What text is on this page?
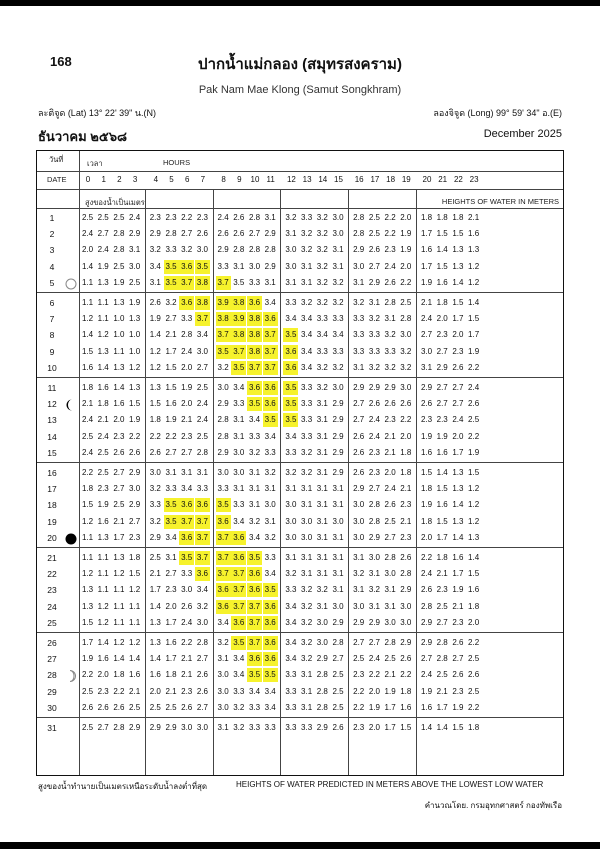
168	ปากน้ำแม่กลอง (สมุทรสงคราม)
Pak Nam Mae Klong (Samut Songkhram)
ละติจูด (Lat) 13° 22' 39" น.(N)	ลองจิจูด (Long) 99° 59' 34" อ.(E)
ธันวาคม ๒๕๖๘	December 2025
วันที่
DATE
เวลา	HOURS
สูงของน้ำเป็นเมตร	HEIGHTS OF WATER IN METERS
0	1	2	3	4	5	6	7	8	9	10 11	12 13 14 15	16 17 18 19	20 21 22 23
1	2.5 2.5 2.5 2.4 2.3 2.3 2.2 2.3 2.4 2.6 2.8 3.1 3.2 3.3 3.2 3.0 2.8 2.5 2.2 2.0 1.8 1.8 1.8 2.1
2	2.4 2.7 2.8 2.9 2.9 2.8 2.7 2.6 2.6 2.6 2.7 2.9 3.1 3.2 3.2 3.0 2.8 2.5 2.2 1.9 1.7 1.5 1.5 1.6
3	2.0 2.4 2.8 3.1 3.2 3.3 3.2 3.0 2.9 2.8 2.8 2.8 3.0 3.2 3.2 3.1 2.9 2.6 2.3 1.9 1.6 1.4 1.3 1.3
4	1.4 1.9 2.5 3.0 3.4 3.5 3.6 3.5 3.3 3.1 3.0 2.9 3.0 3.1 3.2 3.1 3.0 2.7 2.4 2.0 1.7 1.5 1.3 1.2
5	1.1 1.3 1.9 2.5 3.1 3.5 3.7 3.8 3.7 3.5 3.3 3.1 3.1 3.1 3.2 3.2 3.1 2.9 2.6 2.2 1.9 1.6 1.4 1.2
6	1.1 1.1 1.3 1.9 2.6 3.2 3.6 3.8 3.9 3.8 3.6 3.4 3.3 3.2 3.2 3.2 3.2 3.1 2.8 2.5 2.1 1.8 1.5 1.4
7	1.2 1.1 1.0 1.3 1.9 2.7 3.3 3.7 3.8 3.9 3.8 3.6 3.4 3.4 3.3 3.3 3.3 3.2 3.1 2.8 2.4 2.0 1.7 1.5
8	1.4 1.2 1.0 1.0 1.4 2.1 2.8 3.4 3.7 3.8 3.8 3.7 3.5 3.4 3.4 3.4 3.3 3.3 3.2 3.0 2.7 2.3 2.0 1.7
9	1.5 1.3 1.1 1.0 1.2 1.7 2.4 3.0 3.5 3.7 3.8 3.7 3.6 3.4 3.3 3.3 3.3 3.3 3.3 3.2 3.0 2.7 2.3 1.9
10	1.6 1.4 1.3 1.2 1.2 1.5 2.0 2.7 3.2 3.5 3.7 3.7 3.6 3.4 3.2 3.2 3.1 3.2 3.2 3.2 3.1 2.9 2.6 2.2
11	1.8 1.6 1.4 1.3 1.3 1.5 1.9 2.5 3.0 3.4 3.6 3.6 3.5 3.3 3.2 3.0 2.9 2.9 2.9 3.0 2.9 2.7 2.7 2.4
12	2.1 1.8 1.6 1.5 1.5 1.6 2.0 2.4 2.9 3.3 3.5 3.6 3.5 3.3 3.1 2.9 2.7 2.6 2.6 2.6 2.6 2.7 2.7 2.6
13	2.4 2.1 2.0 1.9 1.8 1.9 2.1 2.4 2.8 3.1 3.4 3.5 3.5 3.3 3.1 2.9 2.7 2.4 2.3 2.2 2.3 2.3 2.4 2.5
14	2.5 2.4 2.3 2.2 2.2 2.2 2.3 2.5 2.8 3.1 3.3 3.4 3.4 3.3 3.1 2.9 2.6 2.4 2.1 2.0 1.9 1.9 2.0 2.2
15	2.4 2.5 2.6 2.6 2.6 2.7 2.7 2.8 2.9 3.0 3.2 3.3 3.3 3.2 3.1 2.9 2.6 2.3 2.1 1.8 1.6 1.6 1.7 1.9
16	2.2 2.5 2.7 2.9 3.0 3.1 3.1 3.1 3.0 3.0 3.1 3.2 3.2 3.2 3.1 2.9 2.6 2.3 2.0 1.8 1.5 1.4 1.3 1.5
17	1.8 2.3 2.7 3.0 3.2 3.3 3.4 3.3 3.3 3.1 3.1 3.1 3.1 3.1 3.1 3.1 2.9 2.7 2.4 2.1 1.8 1.5 1.3 1.2
18	1.5 1.9 2.5 2.9 3.3 3.5 3.6 3.6 3.5 3.3 3.1 3.0 3.0 3.1 3.1 3.1 3.0 2.8 2.6 2.3 1.9 1.6 1.4 1.2
19	1.2 1.6 2.1 2.7 3.2 3.5 3.7 3.7 3.6 3.4 3.2 3.1 3.0 3.0 3.1 3.0 3.0 2.8 2.5 2.1 1.8 1.5 1.3 1.2
20	1.1 1.3 1.7 2.3 2.9 3.4 3.6 3.7 3.7 3.6 3.4 3.2 3.0 3.0 3.1 3.1 3.0 2.9 2.7 2.3 2.0 1.7 1.4 1.3
21	1.1 1.1 1.3 1.8 2.5 3.1 3.5 3.7 3.7 3.6 3.5 3.3 3.1 3.1 3.1 3.1 3.1 3.0 2.8 2.6 2.2 1.8 1.6 1.4
22	1.2 1.1 1.2 1.5 2.1 2.7 3.3 3.6 3.7 3.7 3.6 3.4 3.2 3.1 3.1 3.1 3.2 3.1 3.0 2.8 2.4 2.1 1.7 1.5
23	1.3 1.1 1.1 1.2 1.7 2.3 3.0 3.4 3.6 3.7 3.6 3.5 3.3 3.2 3.2 3.1 3.1 3.2 3.1 2.9 2.6 2.3 1.9 1.6
24	1.3 1.2 1.1 1.1 1.4 2.0 2.6 3.2 3.6 3.7 3.7 3.6 3.4 3.2 3.1 3.0 3.0 3.1 3.1 3.0 2.8 2.5 2.1 1.8
25	1.5 1.2 1.1 1.1 1.3 1.7 2.4 3.0 3.4 3.6 3.7 3.6 3.4 3.2 3.0 2.9 2.9 2.9 3.0 3.0 2.9 2.7 2.3 2.0
26	1.7 1.4 1.2 1.2 1.3 1.6 2.2 2.8 3.2 3.5 3.7 3.6 3.4 3.2 3.0 2.8 2.7 2.7 2.8 2.9 2.9 2.8 2.6 2.2
27	1.9 1.6 1.4 1.4 1.4 1.7 2.1 2.7 3.1 3.4 3.6 3.6 3.4 3.2 2.9 2.7 2.5 2.4 2.5 2.6 2.7 2.8 2.7 2.5
28	2.2 2.0 1.8 1.6 1.6 1.8 2.1 2.6 3.0 3.4 3.5 3.5 3.3 3.1 2.8 2.5 2.3 2.2 2.1 2.2 2.4 2.5 2.6 2.6
29	2.5 2.3 2.2 2.1 2.0 2.1 2.3 2.6 3.0 3.3 3.4 3.4 3.3 3.1 2.8 2.5 2.2 2.0 1.9 1.8 1.9 2.1 2.3 2.5
30	2.6 2.6 2.6 2.5 2.5 2.5 2.6 2.7 3.0 3.2 3.3 3.4 3.3 3.1 2.8 2.5 2.2 1.9 1.7 1.6 1.6 1.7 1.9 2.2
31	2.5 2.7 2.8 2.9 2.9 2.9 3.0 3.0 3.1 3.2 3.3 3.3 3.3 3.3 2.9 2.6 2.3 2.0 1.7 1.5 1.4 1.4 1.5 1.8
สูงของน้ำทำนายเป็นเมตรเหนือระดับน้ำลงต่ำที่สุด	HEIGHTS OF WATER PREDICTED IN METERS ABOVE THE LOWEST LOW WATER
คำนวณโดย. กรมอุทกศาสตร์ กองทัพเรือ
